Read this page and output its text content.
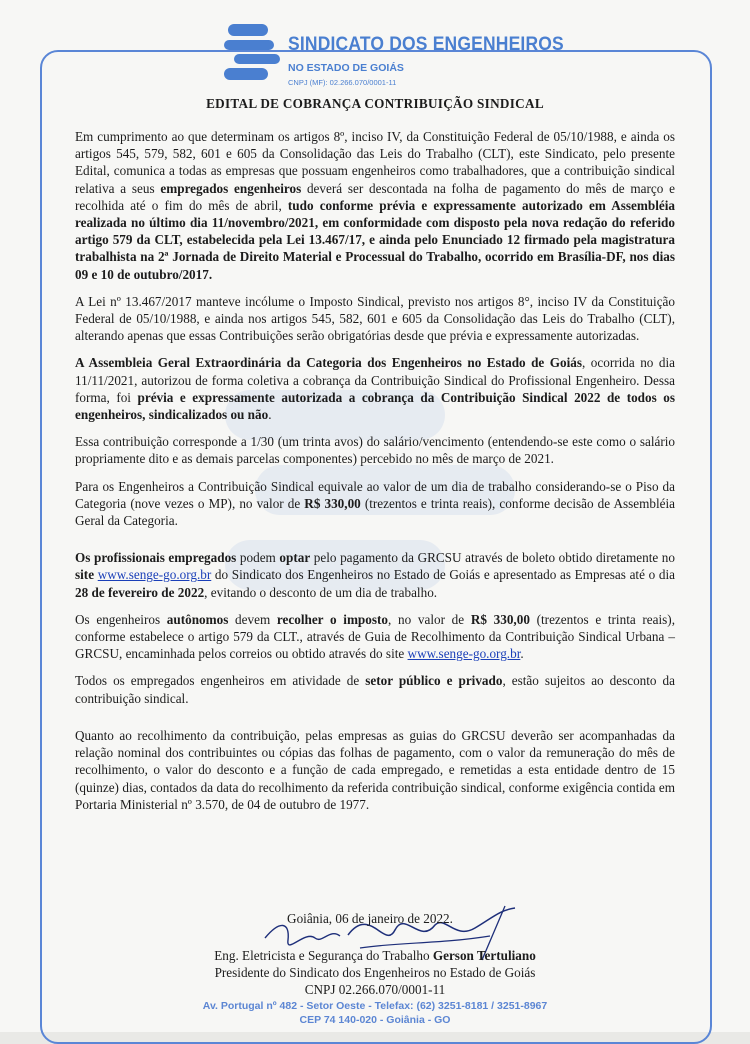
SINDICATO DOS ENGENHEIROS
NO ESTADO DE GOIÁS
CNPJ (MF): 02.266.070/0001-11
EDITAL DE COBRANÇA CONTRIBUIÇÃO SINDICAL

Em cumprimento ao que determinam os artigos 8º, inciso IV, da Constituição Federal de 05/10/1988, e ainda os artigos 545, 579, 582, 601 e 605 da Consolidação das Leis do Trabalho (CLT), este Sindicato, pelo presente Edital, comunica a todas as empresas que possuam engenheiros como trabalhadores, que a contribuição sindical relativa a seus empregados engenheiros deverá ser descontada na folha de pagamento do mês de março e recolhida até o fim do mês de abril, tudo conforme prévia e expressamente autorizado em Assembléia realizada no último dia 11/novembro/2021, em conformidade com disposto pela nova redação do referido artigo 579 da CLT, estabelecida pela Lei 13.467/17, e ainda pelo Enunciado 12 firmado pela magistratura trabalhista na 2ª Jornada de Direito Material e Processual do Trabalho, ocorrido em Brasília-DF, nos dias 09 e 10 de outubro/2017.

A Lei nº 13.467/2017 manteve incólume o Imposto Sindical, previsto nos artigos 8°, inciso IV da Constituição Federal de 05/10/1988, e ainda nos artigos 545, 582, 601 e 605 da Consolidação das Leis do Trabalho (CLT), alterando apenas que essas Contribuições serão obrigatórias desde que prévia e expressamente autorizadas.

A Assembleia Geral Extraordinária da Categoria dos Engenheiros no Estado de Goiás, ocorrida no dia 11/11/2021, autorizou de forma coletiva a cobrança da Contribuição Sindical do Profissional Engenheiro. Dessa forma, foi prévia e expressamente autorizada a cobrança da Contribuição Sindical 2022 de todos os engenheiros, sindicalizados ou não.

Essa contribuição corresponde a 1/30 (um trinta avos) do salário/vencimento (entendendo-se este como o salário propriamente dito e as demais parcelas componentes) percebido no mês de março de 2021.

Para os Engenheiros a Contribuição Sindical equivale ao valor de um dia de trabalho considerando-se o Piso da Categoria (nove vezes o MP), no valor de R$ 330,00 (trezentos e trinta reais), conforme decisão de Assembléia Geral da Categoria.

Os profissionais empregados podem optar pelo pagamento da GRCSU através de boleto obtido diretamente no site www.senge-go.org.br do Sindicato dos Engenheiros no Estado de Goiás e apresentado as Empresas até o dia 28 de fevereiro de 2022, evitando o desconto de um dia de trabalho.

Os engenheiros autônomos devem recolher o imposto, no valor de R$ 330,00 (trezentos e trinta reais), conforme estabelece o artigo 579 da CLT., através de Guia de Recolhimento da Contribuição Sindical Urbana – GRCSU, encaminhada pelos correios ou obtido através do site www.senge-go.org.br.

Todos os empregados engenheiros em atividade de setor público e privado, estão sujeitos ao desconto da contribuição sindical.

Quanto ao recolhimento da contribuição, pelas empresas as guias do GRCSU deverão ser acompanhadas da relação nominal dos contribuintes ou cópias das folhas de pagamento, com o valor da remuneração do mês de recolhimento, o valor do desconto e a função de cada empregado, e remetidas a esta entidade dentro de 15 (quinze) dias, contados da data do recolhimento da referida contribuição sindical, conforme exigência contida em Portaria Ministerial nº 3.570, de 04 de outubro de 1977.

Goiânia, 06 de janeiro de 2022.
Eng. Eletricista e Segurança do Trabalho Gerson Tertuliano
Presidente do Sindicato dos Engenheiros no Estado de Goiás
CNPJ 02.266.070/0001-11
Av. Portugal nº 482 - Setor Oeste - Telefax: (62) 3251-8181 / 3251-8967
CEP 74 140-020 - Goiânia - GO
